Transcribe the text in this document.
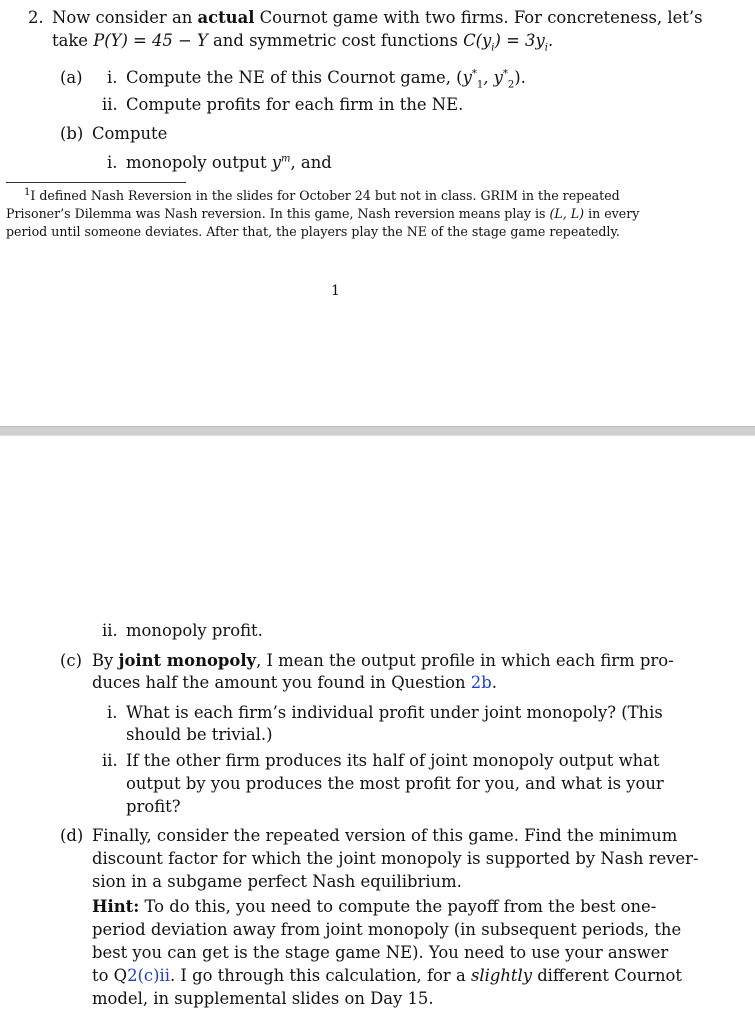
2. Now consider an actual Cournot game with two firms. For concreteness, let’s
take P(Y) = 45 − Y and symmetric cost functions $C(y_i) = 3y_i$.
(a) i. Compute the NE of this Cournot game, ($y^*_1$, $y^*_2$).
ii. Compute profits for each firm in the NE.
(b) Compute
i. monopoly output $y^m$, and
$^1$I defined Nash Reversion in the slides for October 24 but not in class. GRIM in the repeated
Prisoner’s Dilemma was Nash reversion. In this game, Nash reversion means play is (L, L) in every
period until someone deviates. After that, the players play the NE of the stage game repeatedly.
1
ii. monopoly profit.
(c) By joint monopoly, I mean the output profile in which each firm pro-
duces half the amount you found in Question 2b.
i. What is each firm’s individual profit under joint monopoly? (This
should be trivial.)
ii. If the other firm produces its half of joint monopoly output what
output by you produces the most profit for you, and what is your
profit?
(d) Finally, consider the repeated version of this game. Find the minimum
discount factor for which the joint monopoly is supported by Nash rever-
sion in a subgame perfect Nash equilibrium.
Hint: To do this, you need to compute the payoff from the best one-
period deviation away from joint monopoly (in subsequent periods, the
best you can get is the stage game NE). You need to use your answer
to Q2(c)ii. I go through this calculation, for a slightly different Cournot
model, in supplemental slides on Day 15.
